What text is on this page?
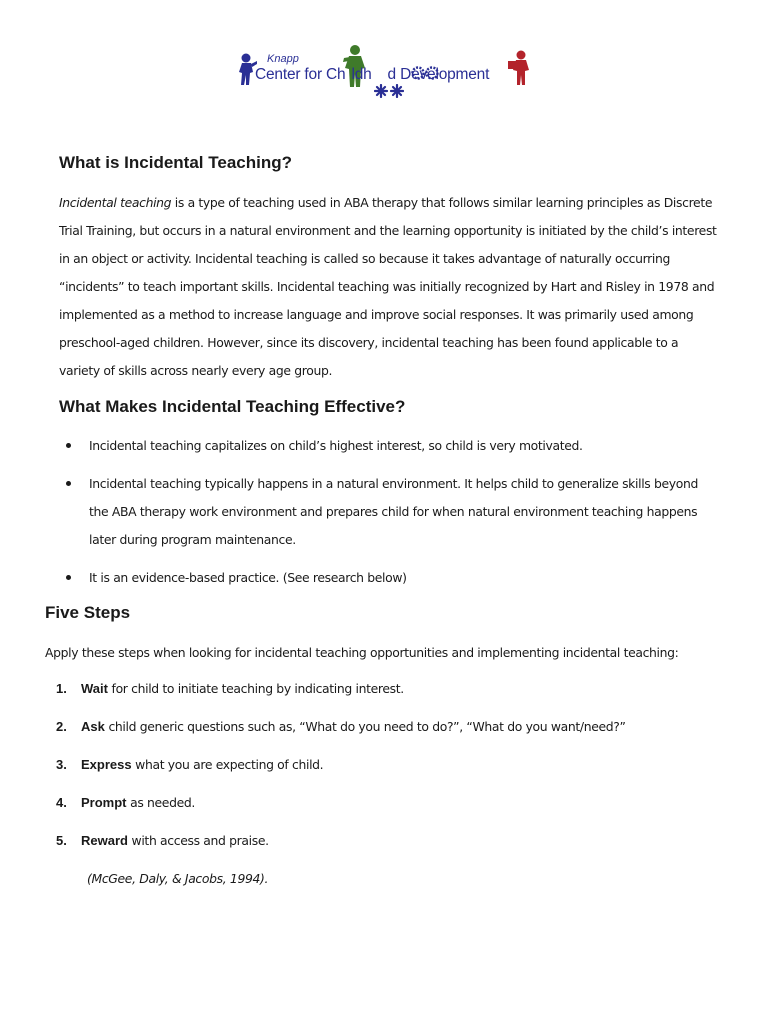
Knapp
Center for Ch ldh d Development
What is Incidental Teaching?
Incidental teaching is a type of teaching used in ABA therapy that follows similar learning principles as Discrete Trial Training, but occurs in a natural environment and the learning opportunity is initiated by the child’s interest in an object or activity. Incidental teaching is called so because it takes advantage of naturally occurring “incidents” to teach important skills. Incidental teaching was initially recognized by Hart and Risley in 1978 and implemented as a method to increase language and improve social responses. It was primarily used among preschool-aged children. However, since its discovery, incidental teaching has been found applicable to a variety of skills across nearly every age group.
What Makes Incidental Teaching Effective?
Incidental teaching capitalizes on child’s highest interest, so child is very motivated.
Incidental teaching typically happens in a natural environment. It helps child to generalize skills beyond the ABA therapy work environment and prepares child for when natural environment teaching happens later during program maintenance.
It is an evidence-based practice. (See research below)
Five Steps
Apply these steps when looking for incidental teaching opportunities and implementing incidental teaching:
1. Wait for child to initiate teaching by indicating interest.
2. Ask child generic questions such as, “What do you need to do?”, “What do you want/need?”
3. Express what you are expecting of child.
4. Prompt as needed.
5. Reward with access and praise.
(McGee, Daly, & Jacobs, 1994).
